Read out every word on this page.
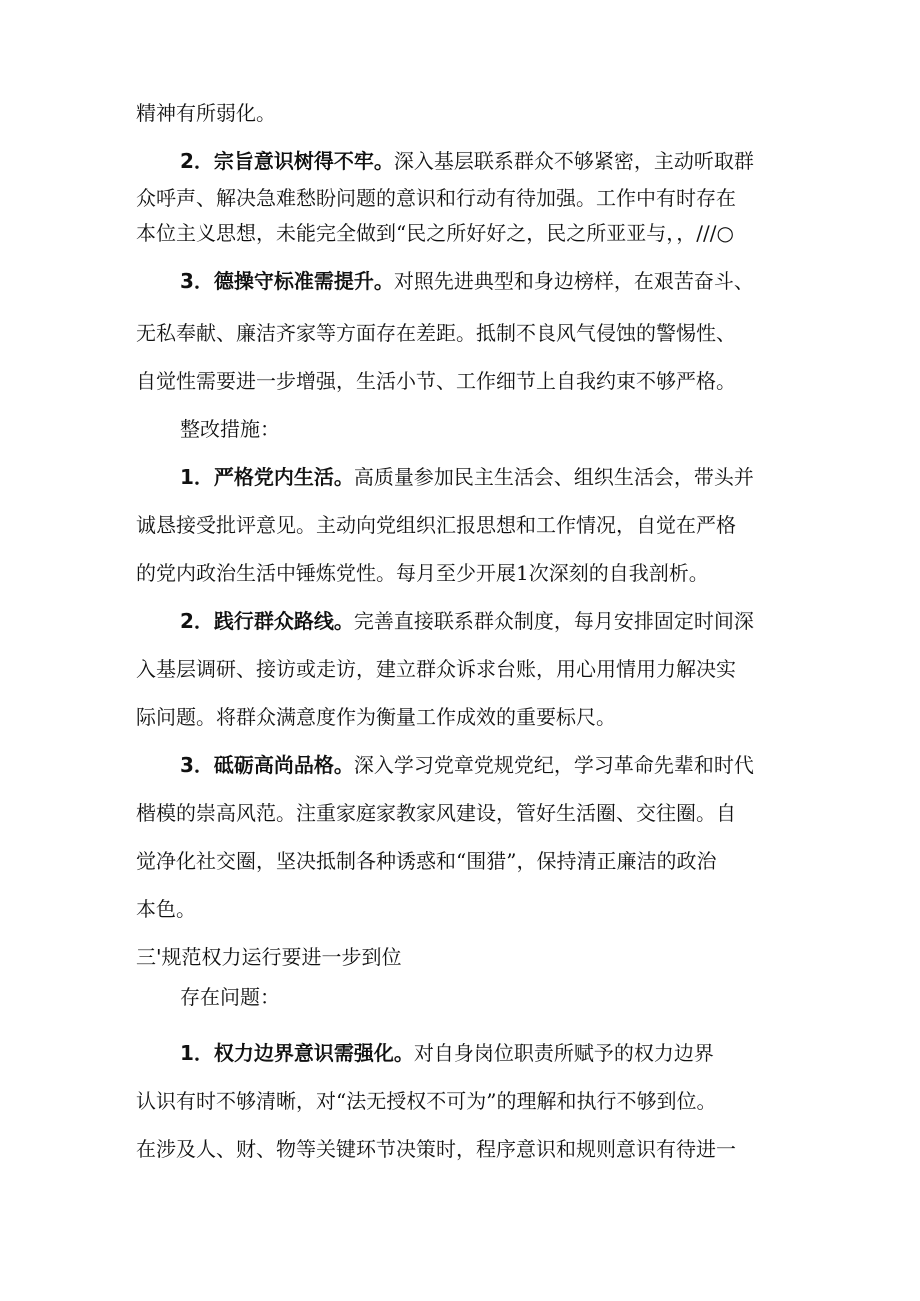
精神有所弱化。
2．宗旨意识树得不牢。深入基层联系群众不够紧密，主动听取群
众呼声、解决急难愁盼问题的意识和行动有待加强。工作中有时存在
本位主义思想，未能完全做到“民之所好好之，民之所亚亚与，，∕∕∕○
3．德操守标准需提升。对照先进典型和身边榜样，在艰苦奋斗、
无私奉献、廉洁齐家等方面存在差距。抵制不良风气侵蚀的警惕性、
自觉性需要进一步增强，生活小节、工作细节上自我约束不够严格。
整改措施：
1．严格党内生活。高质量参加民主生活会、组织生活会，带头并
诚恳接受批评意见。主动向党组织汇报思想和工作情况，自觉在严格
的党内政治生活中锤炼党性。每月至少开展1次深刻的自我剖析。
2．践行群众路线。完善直接联系群众制度，每月安排固定时间深
入基层调研、接访或走访，建立群众诉求台账，用心用情用力解决实
际问题。将群众满意度作为衡量工作成效的重要标尺。
3．砥砺高尚品格。深入学习党章党规党纪，学习革命先辈和时代
楷模的崇高风范。注重家庭家教家风建设，管好生活圈、交往圈。自
觉净化社交圈，坚决抵制各种诱惑和“围猎”，保持清正廉洁的政治
本色。
三'规范权力运行要进一步到位
存在问题：
1．权力边界意识需强化。对自身岗位职责所赋予的权力边界
认识有时不够清晰，对“法无授权不可为”的理解和执行不够到位。
在涉及人、财、物等关键环节决策时，程序意识和规则意识有待进一
